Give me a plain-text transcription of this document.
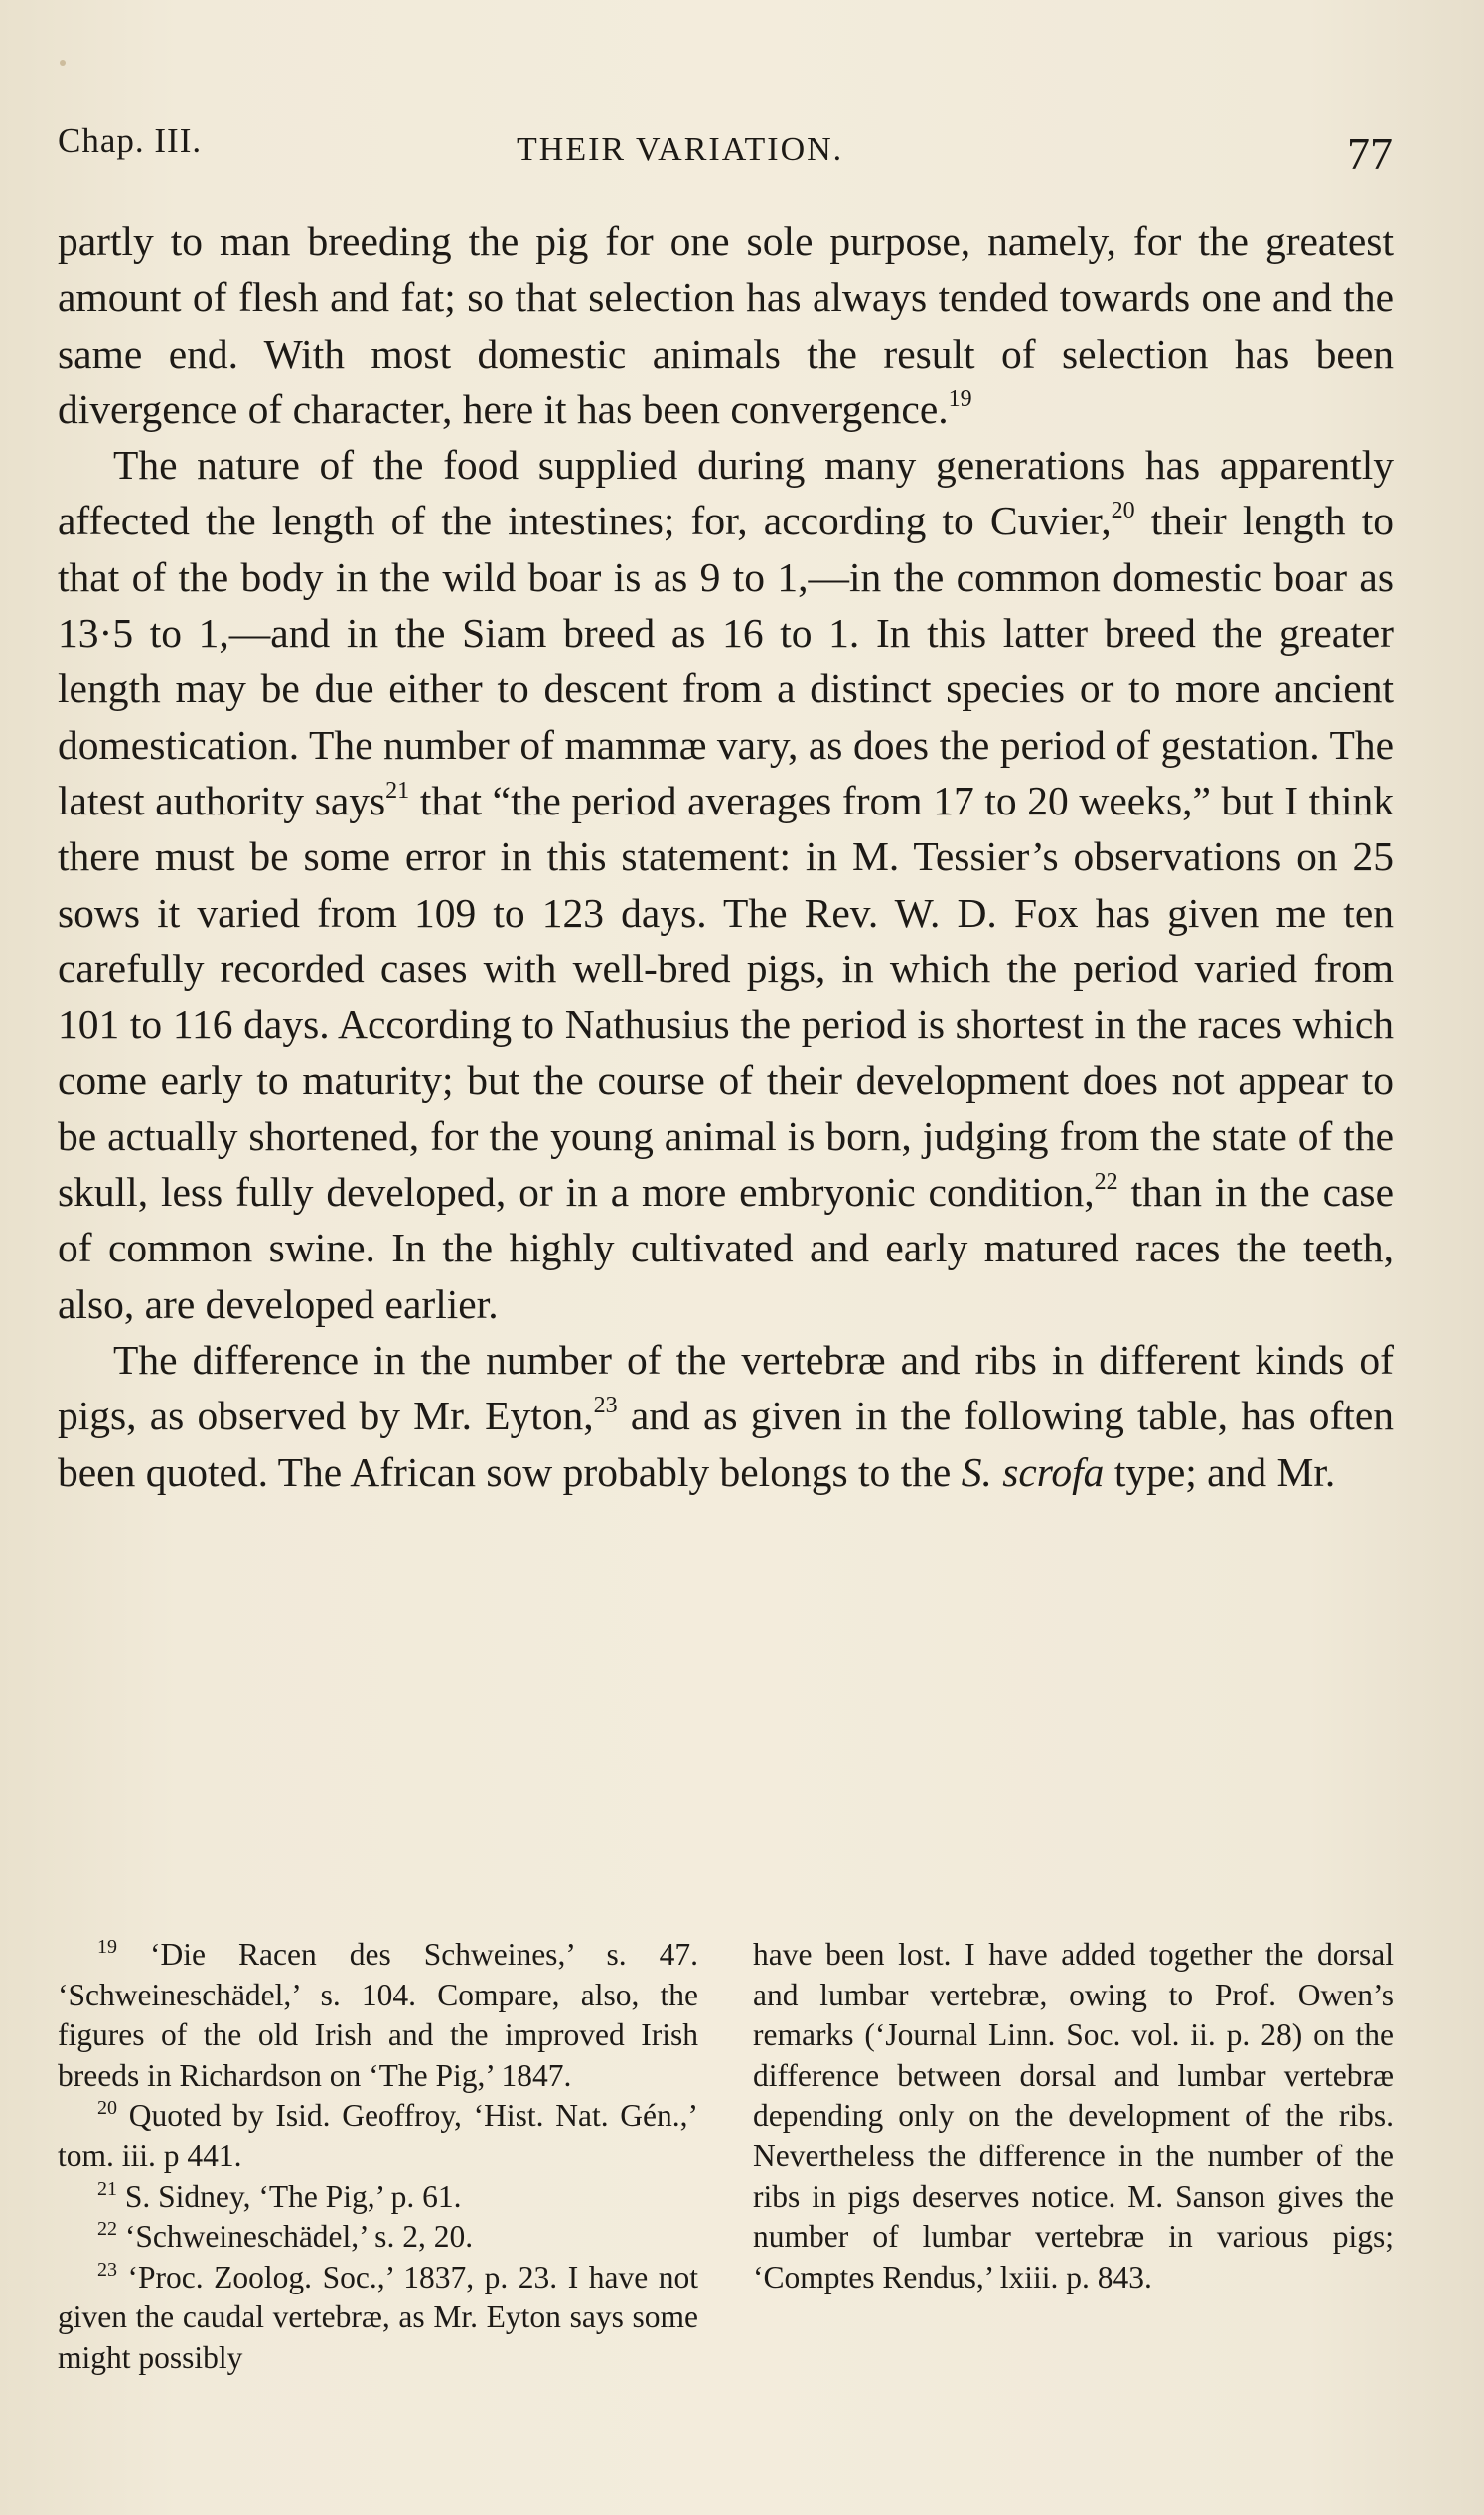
Chap. III.	THEIR VARIATION.	77

partly to man breeding the pig for one sole purpose, namely, for the greatest amount of flesh and fat; so that selection has always tended towards one and the same end. With most domestic animals the result of selection has been divergence of character, here it has been convergence.$^{19}$

The nature of the food supplied during many generations has apparently affected the length of the intestines; for, according to Cuvier,$^{20}$ their length to that of the body in the wild boar is as 9 to 1,—in the common domestic boar as 13·5 to 1,—and in the Siam breed as 16 to 1. In this latter breed the greater length may be due either to descent from a distinct species or to more ancient domestication. The number of mammæ vary, as does the period of gestation. The latest authority says$^{21}$ that “the period averages from 17 to 20 weeks,” but I think there must be some error in this statement: in M. Tessier’s observations on 25 sows it varied from 109 to 123 days. The Rev. W. D. Fox has given me ten carefully recorded cases with well-bred pigs, in which the period varied from 101 to 116 days. According to Nathusius the period is shortest in the races which come early to maturity; but the course of their development does not appear to be actually shortened, for the young animal is born, judging from the state of the skull, less fully developed, or in a more embryonic condition,$^{22}$ than in the case of common swine. In the highly cultivated and early matured races the teeth, also, are developed earlier.

The difference in the number of the vertebræ and ribs in different kinds of pigs, as observed by Mr. Eyton,$^{23}$ and as given in the following table, has often been quoted. The African sow probably belongs to the S. scrofa type; and Mr.

$^{19}$ ‘Die Racen des Schweines,’ s. 47. ‘Schweineschädel,’ s. 104. Compare, also, the figures of the old Irish and the improved Irish breeds in Richardson on ‘The Pig,’ 1847.

$^{20}$ Quoted by Isid. Geoffroy, ‘Hist. Nat. Gén.,’ tom. iii. p 441.

$^{21}$ S. Sidney, ‘The Pig,’ p. 61.

$^{22}$ ‘Schweineschädel,’ s. 2, 20.

$^{23}$ ‘Proc. Zoolog. Soc.,’ 1837, p. 23. I have not given the caudal vertebræ, as Mr. Eyton says some might possibly

have been lost. I have added together the dorsal and lumbar vertebræ, owing to Prof. Owen’s remarks (‘Journal Linn. Soc. vol. ii. p. 28) on the difference between dorsal and lumbar vertebræ depending only on the development of the ribs. Nevertheless the difference in the number of the ribs in pigs deserves notice. M. Sanson gives the number of lumbar vertebræ in various pigs; ‘Comptes Rendus,’ lxiii. p. 843.
